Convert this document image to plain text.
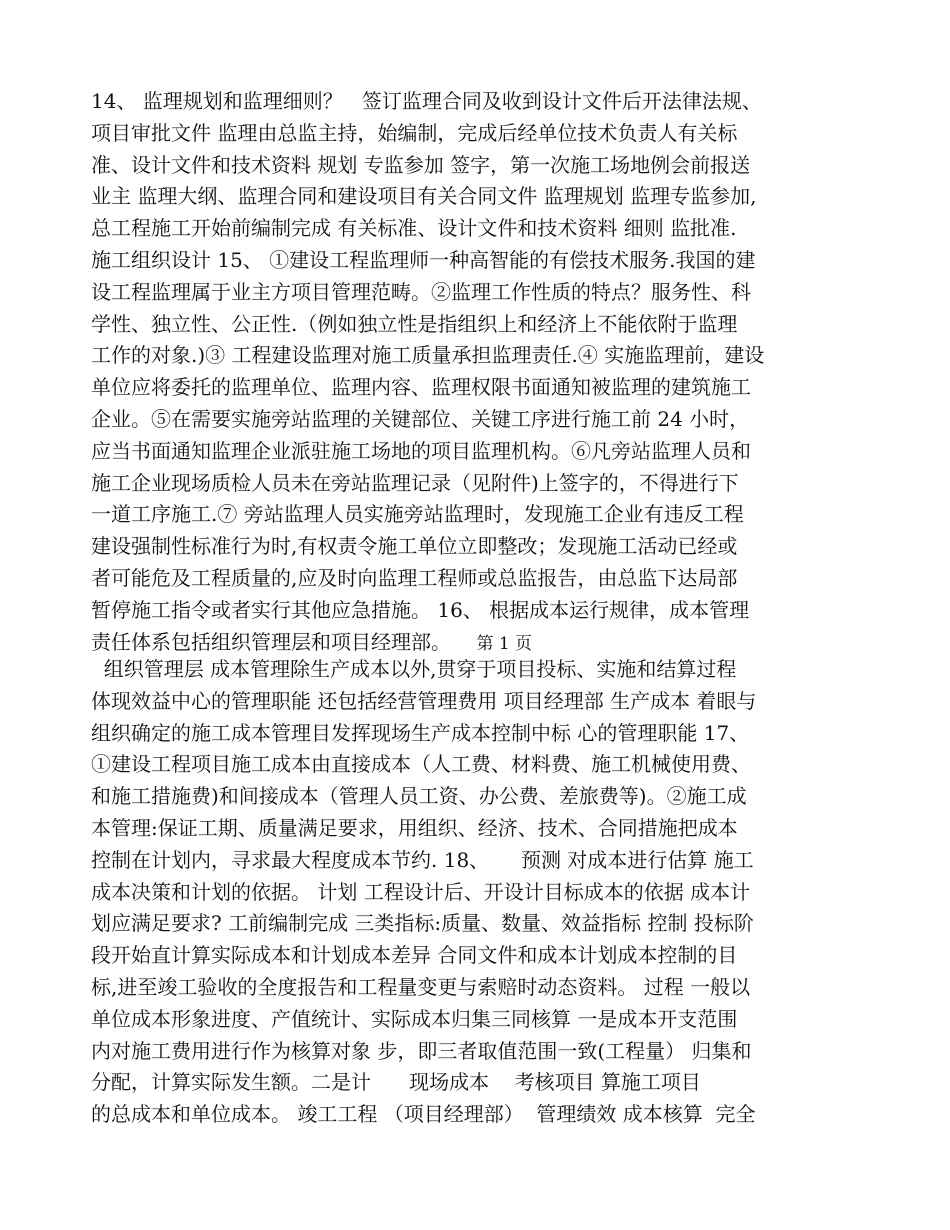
14、 监理规划和监理细则？   签订监理合同及收到设计文件后开法律法规、
项目审批文件 监理由总监主持，始编制，完成后经单位技术负责人有关标
准、设计文件和技术资料 规划 专监参加 签字，第一次施工场地例会前报送
业主 监理大纲、监理合同和建设项目有关合同文件 监理规划 监理专监参加,
总工程施工开始前编制完成 有关标准、设计文件和技术资料 细则 监批准.
施工组织设计 15、 ①建设工程监理师一种高智能的有偿技术服务.我国的建
设工程监理属于业主方项目管理范畴。②监理工作性质的特点？服务性、科
学性、独立性、公正性.（例如独立性是指组织上和经济上不能依附于监理
工作的对象.)③ 工程建设监理对施工质量承担监理责任.④ 实施监理前，建设
单位应将委托的监理单位、监理内容、监理权限书面通知被监理的建筑施工
企业。⑤在需要实施旁站监理的关键部位、关键工序进行施工前 24 小时，
应当书面通知监理企业派驻施工场地的项目监理机构。⑥凡旁站监理人员和
施工企业现场质检人员未在旁站监理记录（见附件)上签字的，不得进行下
一道工序施工.⑦ 旁站监理人员实施旁站监理时，发现施工企业有违反工程
建设强制性标准行为时,有权责令施工单位立即整改；发现施工活动已经或
者可能危及工程质量的,应及时向监理工程师或总监报告，由总监下达局部
暂停施工指令或者实行其他应急措施。 16、 根据成本运行规律，成本管理
责任体系包括组织管理层和项目经理部。 第 1 页
组织管理层 成本管理除生产成本以外,贯穿于项目投标、实施和结算过程
体现效益中心的管理职能 还包括经营管理费用 项目经理部 生产成本 着眼与
组织确定的施工成本管理目发挥现场生产成本控制中标 心的管理职能 17、
①建设工程项目施工成本由直接成本（人工费、材料费、施工机械使用费、
和施工措施费)和间接成本（管理人员工资、办公费、差旅费等)。②施工成
本管理:保证工期、质量满足要求，用组织、经济、技术、合同措施把成本
控制在计划内，寻求最大程度成本节约. 18、     预测 对成本进行估算 施工
成本决策和计划的依据。 计划 工程设计后、开设计目标成本的依据 成本计
划应满足要求? 工前编制完成 三类指标:质量、数量、效益指标 控制 投标阶
段开始直计算实际成本和计划成本差异 合同文件和成本计划成本控制的目
标,进至竣工验收的全度报告和工程量变更与索赔时动态资料。 过程 一般以
单位成本形象进度、产值统计、实际成本归集三同核算 一是成本开支范围
内对施工费用进行作为核算对象 步，即三者取值范围一致(工程量） 归集和
分配，计算实际发生额。二是计      现场成本    考核项目 算施工项目
的总成本和单位成本。 竣工工程 （项目经理部）  管理绩效 成本核算  完全
